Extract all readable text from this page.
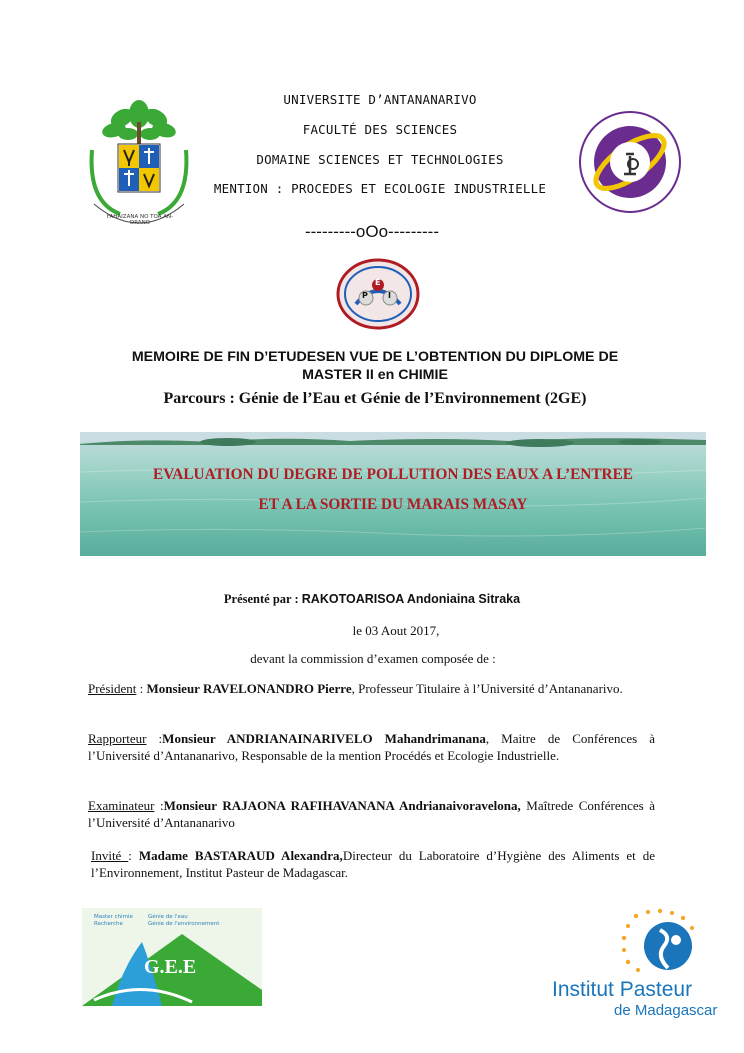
FAHAIZANA NO TOA AN-DRANO
UNIVERSITE D’ANTANANARIVO
FACULTÉ DES SCIENCES
DOMAINE SCIENCES ET TECHNOLOGIES
MENTION : PROCEDES ET ECOLOGIE INDUSTRIELLE
---------oOo---------
P
E
I
MEMOIRE DE FIN D’ETUDESEN VUE DE L’OBTENTION DU DIPLOME DE
MASTER II en CHIMIE
Parcours : Génie de l’Eau et Génie de l’Environnement (2GE)
EVALUATION DU DEGRE DE POLLUTION DES EAUX A L’ENTREE
ET A LA SORTIE DU MARAIS MASAY
Présenté par : RAKOTOARISOA Andoniaina Sitraka
le 03 Aout 2017,
devant la commission d’examen composée de :
Président : Monsieur RAVELONANDRO Pierre, Professeur Titulaire à l’Université d’Antananarivo.
Rapporteur :Monsieur ANDRIANAINARIVELO Mahandrimanana, Maitre de Conférences à l’Université d’Antananarivo, Responsable de la mention Procédés et Ecologie Industrielle.
Examinateur :Monsieur RAJAONA RAFIHAVANANA Andrianaivoravelona, Maîtrede Conférences à l’Université d’Antananarivo
Invité : Madame BASTARAUD Alexandra,Directeur du Laboratoire d’Hygiène des Aliments et de l’Environnement, Institut Pasteur de Madagascar.
Master chimie
Recherche
Génie de l'eau
Génie de l'environnement
G.E.E
Institut Pasteur
de Madagascar
